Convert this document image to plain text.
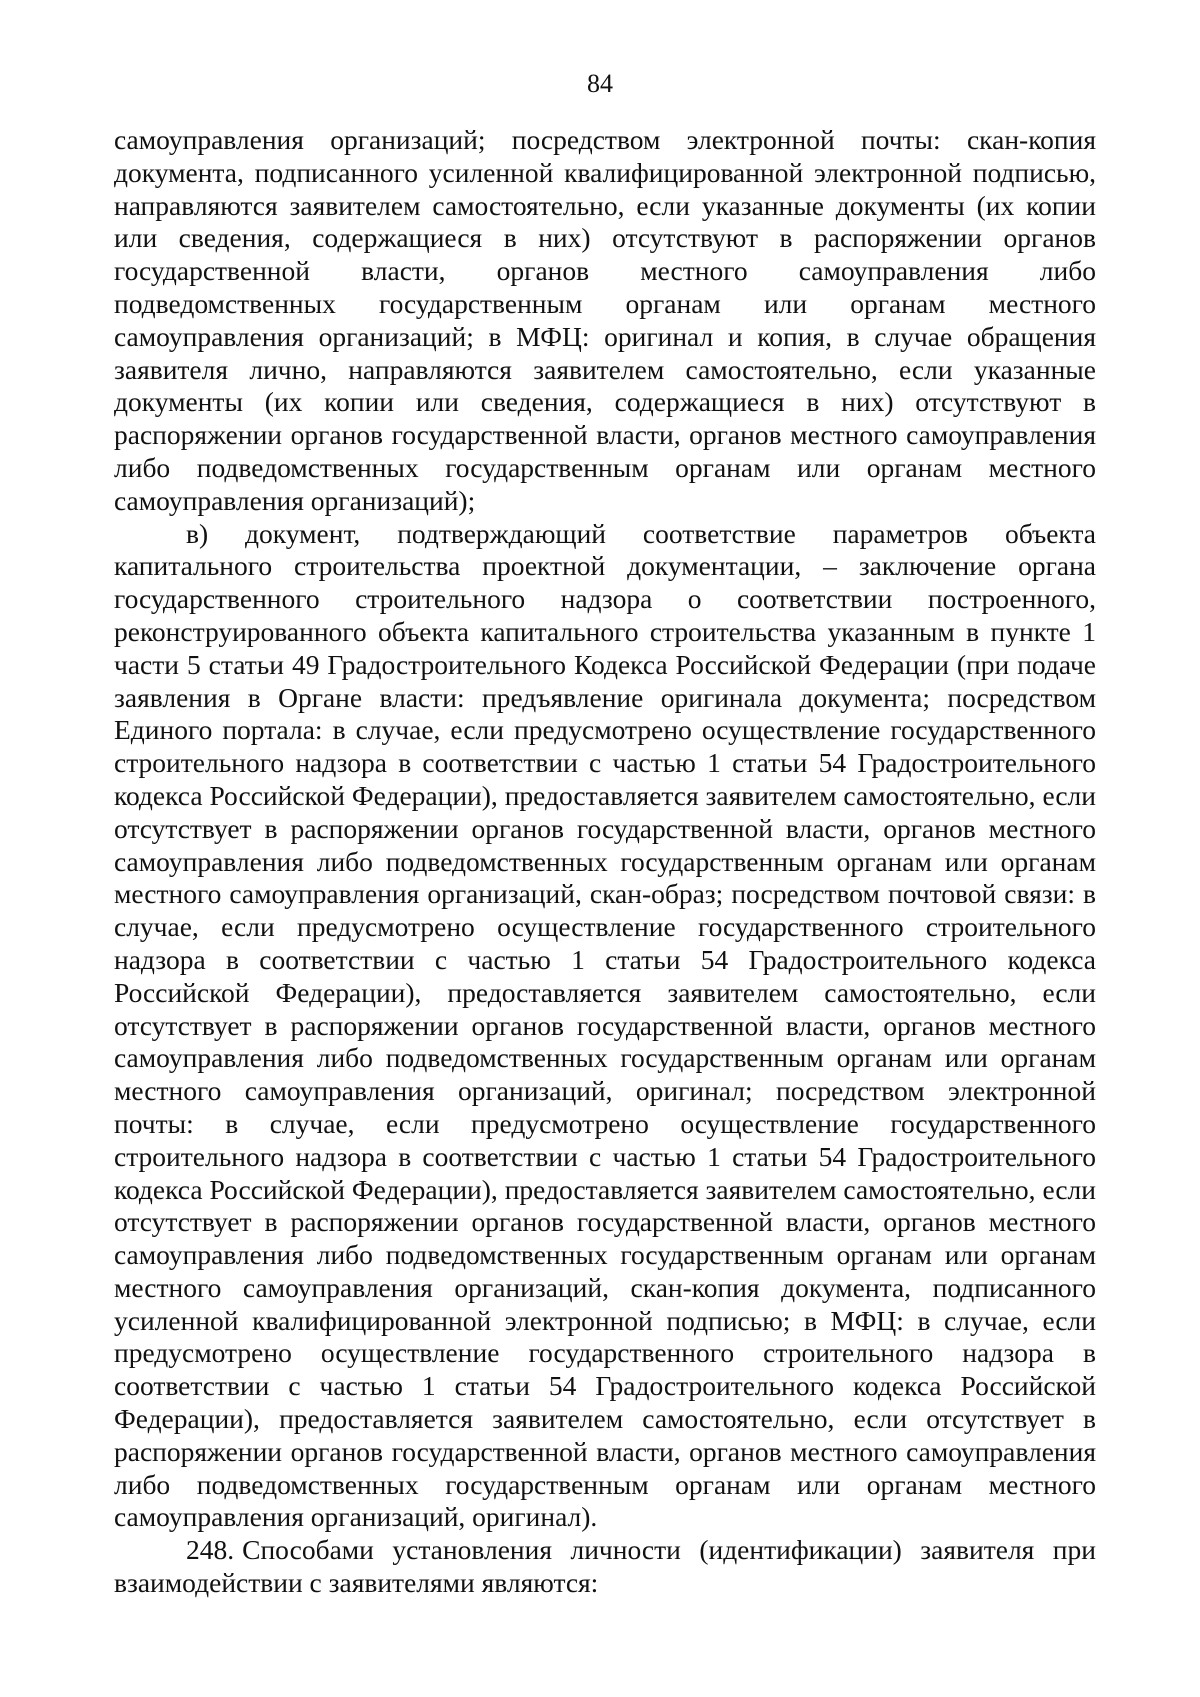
84

самоуправления организаций; посредством электронной почты: скан-копия документа, подписанного усиленной квалифицированной электронной подписью, направляются заявителем самостоятельно, если указанные документы (их копии или сведения, содержащиеся в них) отсутствуют в распоряжении органов государственной власти, органов местного самоуправления либо подведомственных государственным органам или органам местного самоуправления организаций; в МФЦ: оригинал и копия, в случае обращения заявителя лично, направляются заявителем самостоятельно, если указанные документы (их копии или сведения, содержащиеся в них) отсутствуют в распоряжении органов государственной власти, органов местного самоуправления либо подведомственных государственным органам или органам местного самоуправления организаций);

в) документ, подтверждающий соответствие параметров объекта капитального строительства проектной документации, – заключение органа государственного строительного надзора о соответствии построенного, реконструированного объекта капитального строительства указанным в пункте 1 части 5 статьи 49 Градостроительного Кодекса Российской Федерации (при подаче заявления в Органе власти: предъявление оригинала документа; посредством Единого портала: в случае, если предусмотрено осуществление государственного строительного надзора в соответствии с частью 1 статьи 54 Градостроительного кодекса Российской Федерации), предоставляется заявителем самостоятельно, если отсутствует в распоряжении органов государственной власти, органов местного самоуправления либо подведомственных государственным органам или органам местного самоуправления организаций, скан-образ; посредством почтовой связи: в случае, если предусмотрено осуществление государственного строительного надзора в соответствии с частью 1 статьи 54 Градостроительного кодекса Российской Федерации), предоставляется заявителем самостоятельно, если отсутствует в распоряжении органов государственной власти, органов местного самоуправления либо подведомственных государственным органам или органам местного самоуправления организаций, оригинал; посредством электронной почты: в случае, если предусмотрено осуществление государственного строительного надзора в соответствии с частью 1 статьи 54 Градостроительного кодекса Российской Федерации), предоставляется заявителем самостоятельно, если отсутствует в распоряжении органов государственной власти, органов местного самоуправления либо подведомственных государственным органам или органам местного самоуправления организаций, скан-копия документа, подписанного усиленной квалифицированной электронной подписью; в МФЦ: в случае, если предусмотрено осуществление государственного строительного надзора в соответствии с частью 1 статьи 54 Градостроительного кодекса Российской Федерации), предоставляется заявителем самостоятельно, если отсутствует в распоряжении органов государственной власти, органов местного самоуправления либо подведомственных государственным органам или органам местного самоуправления организаций, оригинал).

248. Способами установления личности (идентификации) заявителя при взаимодействии с заявителями являются:
